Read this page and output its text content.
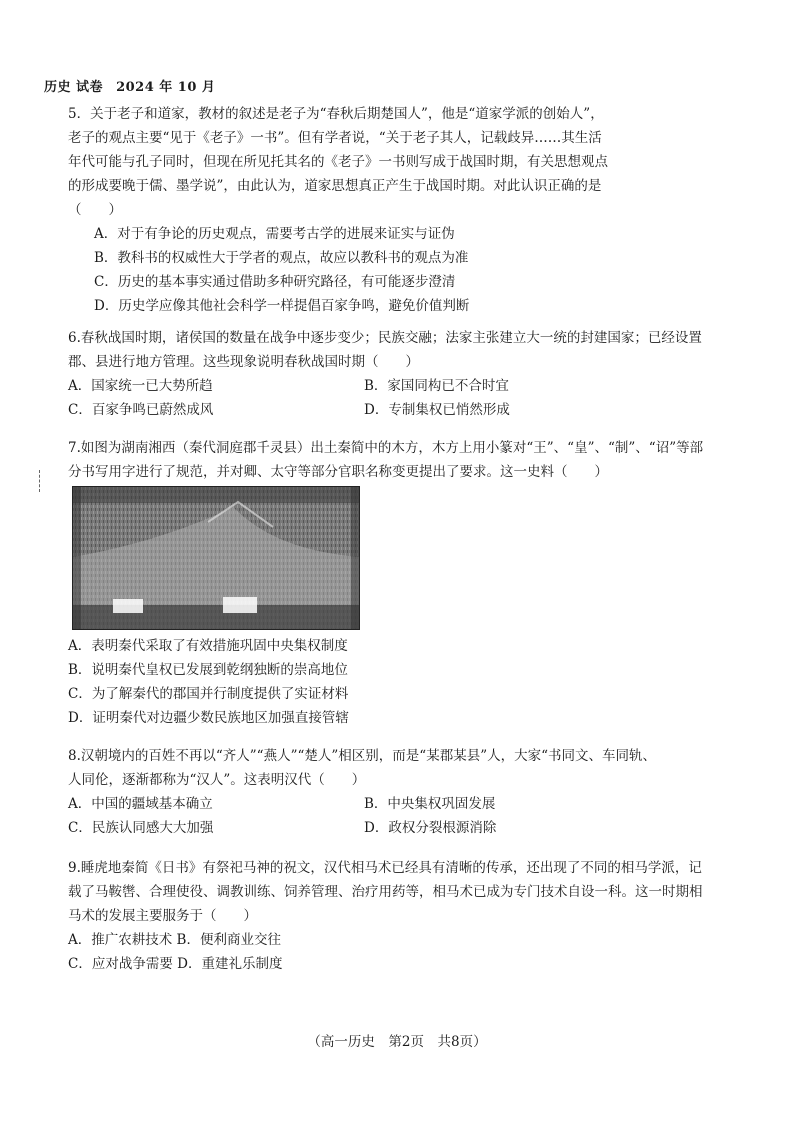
历史 试卷 2024 年 10 月

5．关于老子和道家，教材的叙述是老子为“春秋后期楚国人”，他是“道家学派的创始人”，

老子的观点主要“见于《老子》一书”。但有学者说，“关于老子其人，记载歧异……其生活

年代可能与孔子同时，但现在所见托其名的《老子》一书则写成于战国时期，有关思想观点

的形成要晚于儒、墨学说”，由此认为，道家思想真正产生于战国时期。对此认识正确的是

（　　）

A．对于有争论的历史观点，需要考古学的进展来证实与证伪

B．教科书的权威性大于学者的观点，故应以教科书的观点为准

C．历史的基本事实通过借助多种研究路径，有可能逐步澄清

D．历史学应像其他社会科学一样提倡百家争鸣，避免价值判断

6.春秋战国时期，诸侯国的数量在战争中逐步变少；民族交融；法家主张建立大一统的封建国家；已经设置

郡、县进行地方管理。这些现象说明春秋战国时期（　　）

A．国家统一已大势所趋	B．家国同构已不合时宜
C．百家争鸣已蔚然成风	D．专制集权已悄然形成

7.如图为湖南湘西（秦代洞庭郡千灵县）出土秦简中的木方，木方上用小篆对“王”、“皇”、“制”、“诏”等部

分书写用字进行了规范，并对卿、太守等部分官职名称变更提出了要求。这一史料（　　）

A．表明秦代采取了有效措施巩固中央集权制度

B．说明秦代皇权已发展到乾纲独断的崇高地位

C．为了解秦代的郡国并行制度提供了实证材料

D．证明秦代对边疆少数民族地区加强直接管辖

8.汉朝境内的百姓不再以“齐人”“燕人”“楚人”相区别，而是“某郡某县”人，大家“书同文、车同轨、

人同伦，逐渐都称为“汉人”。这表明汉代（　　）

A．中国的疆域基本确立	B．中央集权巩固发展
C．民族认同感大大加强	D．政权分裂根源消除

9.睡虎地秦简《日书》有祭祀马神的祝文，汉代相马术已经具有清晰的传承，还出现了不同的相马学派，记

载了马鞍辔、合理使役、调教训练、饲养管理、治疗用药等，相马术已成为专门技术自设一科。这一时期相

马术的发展主要服务于（　　）

A．推广农耕技术 B．便利商业交往

C．应对战争需要 D．重建礼乐制度

（高一历史　第2页　共8页）
